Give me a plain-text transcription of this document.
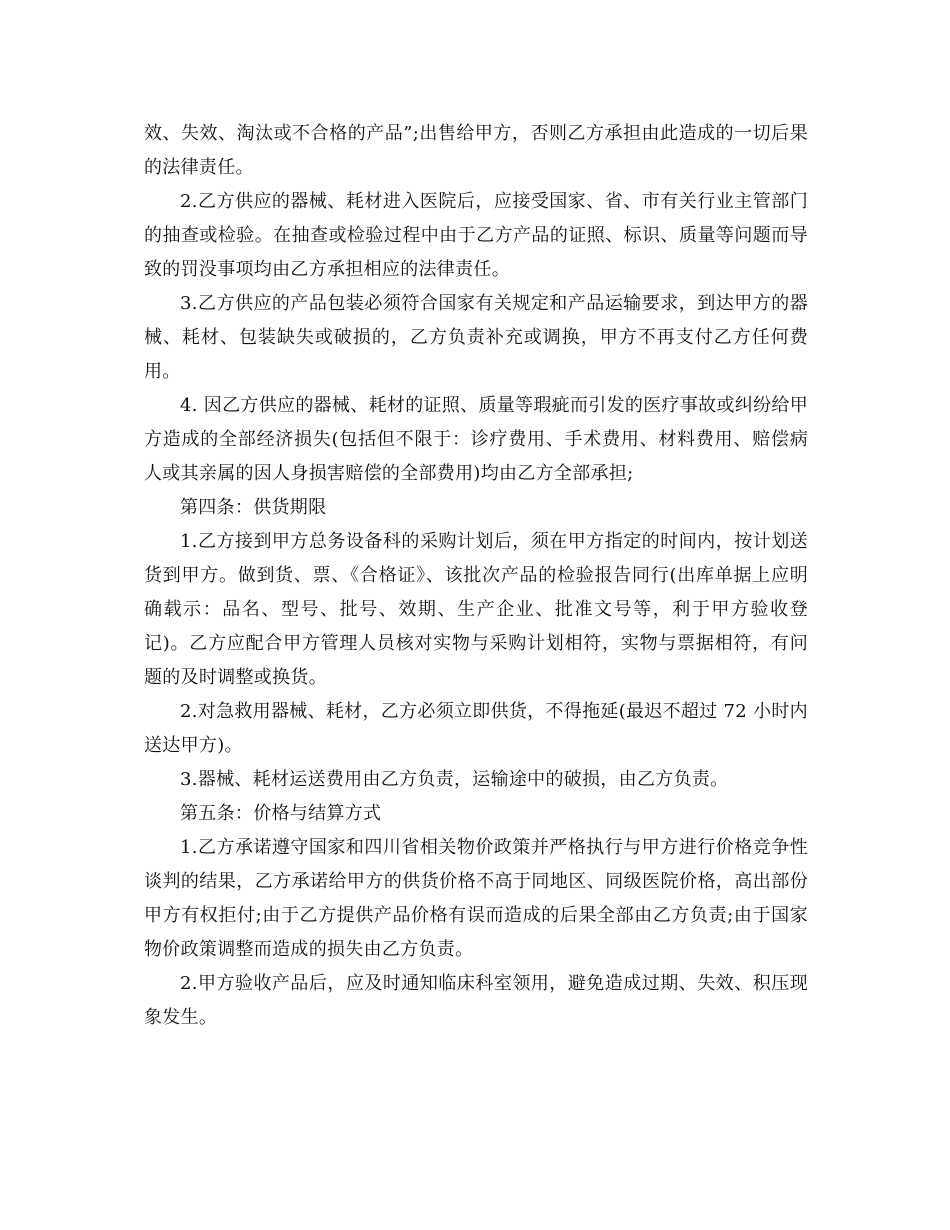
效、失效、淘汰或不合格的产品”;出售给甲方，否则乙方承担由此造成的一切后果的法律责任。

2.乙方供应的器械、耗材进入医院后，应接受国家、省、市有关行业主管部门的抽查或检验。在抽查或检验过程中由于乙方产品的证照、标识、质量等问题而导致的罚没事项均由乙方承担相应的法律责任。

3.乙方供应的产品包装必须符合国家有关规定和产品运输要求，到达甲方的器械、耗材、包装缺失或破损的，乙方负责补充或调换，甲方不再支付乙方任何费用。

4. 因乙方供应的器械、耗材的证照、质量等瑕疵而引发的医疗事故或纠纷给甲方造成的全部经济损失(包括但不限于：诊疗费用、手术费用、材料费用、赔偿病人或其亲属的因人身损害赔偿的全部费用)均由乙方全部承担;

第四条：供货期限

1.乙方接到甲方总务设备科的采购计划后，须在甲方指定的时间内，按计划送货到甲方。做到货、票、《合格证》、该批次产品的检验报告同行(出库单据上应明确载示：品名、型号、批号、效期、生产企业、批准文号等，利于甲方验收登记)。乙方应配合甲方管理人员核对实物与采购计划相符，实物与票据相符，有问题的及时调整或换货。

2.对急救用器械、耗材，乙方必须立即供货，不得拖延(最迟不超过 72 小时内送达甲方)。

3.器械、耗材运送费用由乙方负责，运输途中的破损，由乙方负责。

第五条：价格与结算方式

1.乙方承诺遵守国家和四川省相关物价政策并严格执行与甲方进行价格竞争性谈判的结果，乙方承诺给甲方的供货价格不高于同地区、同级医院价格，高出部份甲方有权拒付;由于乙方提供产品价格有误而造成的后果全部由乙方负责;由于国家物价政策调整而造成的损失由乙方负责。

2.甲方验收产品后，应及时通知临床科室领用，避免造成过期、失效、积压现象发生。
